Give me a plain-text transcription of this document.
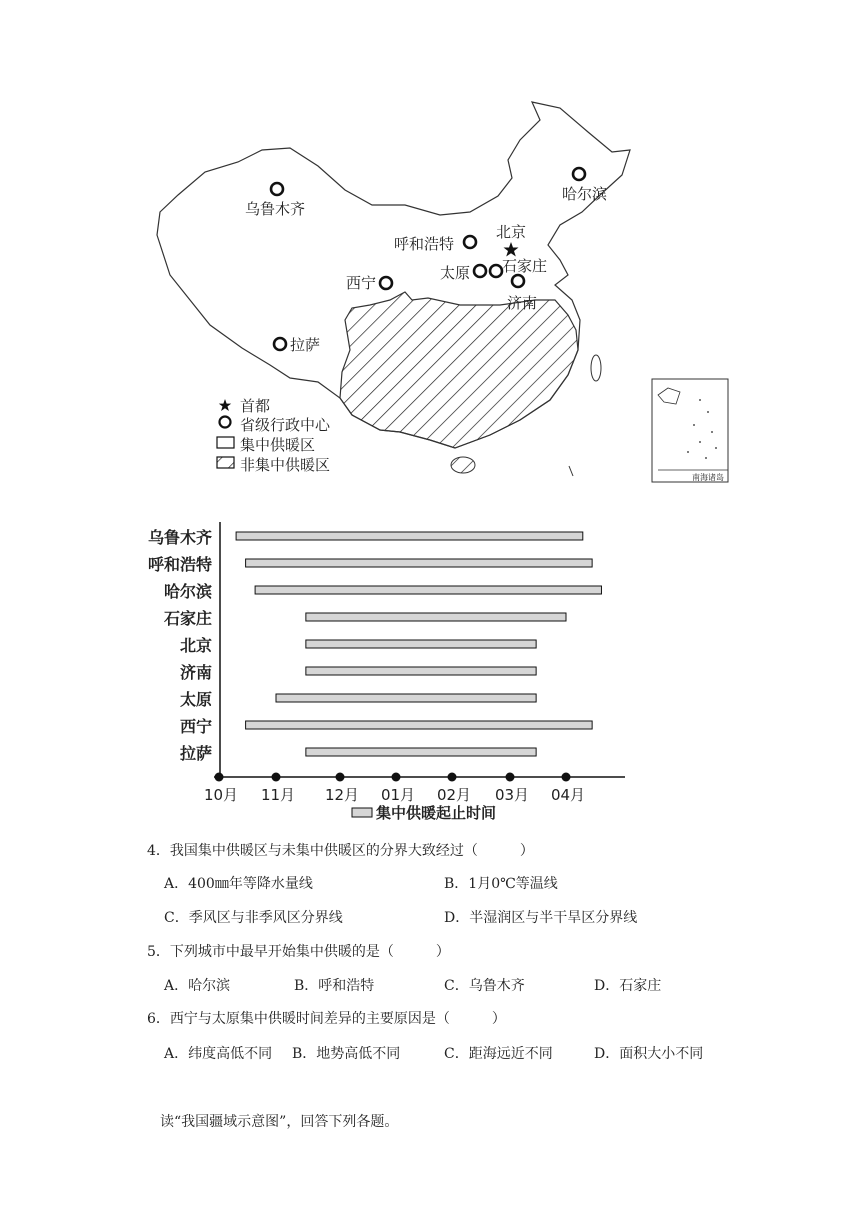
乌鲁木齐
哈尔滨
北京
呼和浩特
太原 石家庄
西宁
济南
拉萨
南海诸岛
首都
省级行政中心
集中供暖区
非集中供暖区
乌鲁木齐
呼和浩特
哈尔滨
石家庄
北京
济南
太原
西宁
拉萨
10月 11月 12月 01月 02月 03月 04月
集中供暖起止时间
4．我国集中供暖区与未集中供暖区的分界大致经过（　　　）
A．400㎜年等降水量线	B．1月0℃等温线
C．季风区与非季风区分界线	D．半湿润区与半干旱区分界线
5．下列城市中最早开始集中供暖的是（　　　）
A．哈尔滨	B．呼和浩特	C．乌鲁木齐	D．石家庄
6．西宁与太原集中供暖时间差异的主要原因是（　　　）
A．纬度高低不同 B．地势高低不同	C．距海远近不同	D．面积大小不同
读“我国疆域示意图”，回答下列各题。
